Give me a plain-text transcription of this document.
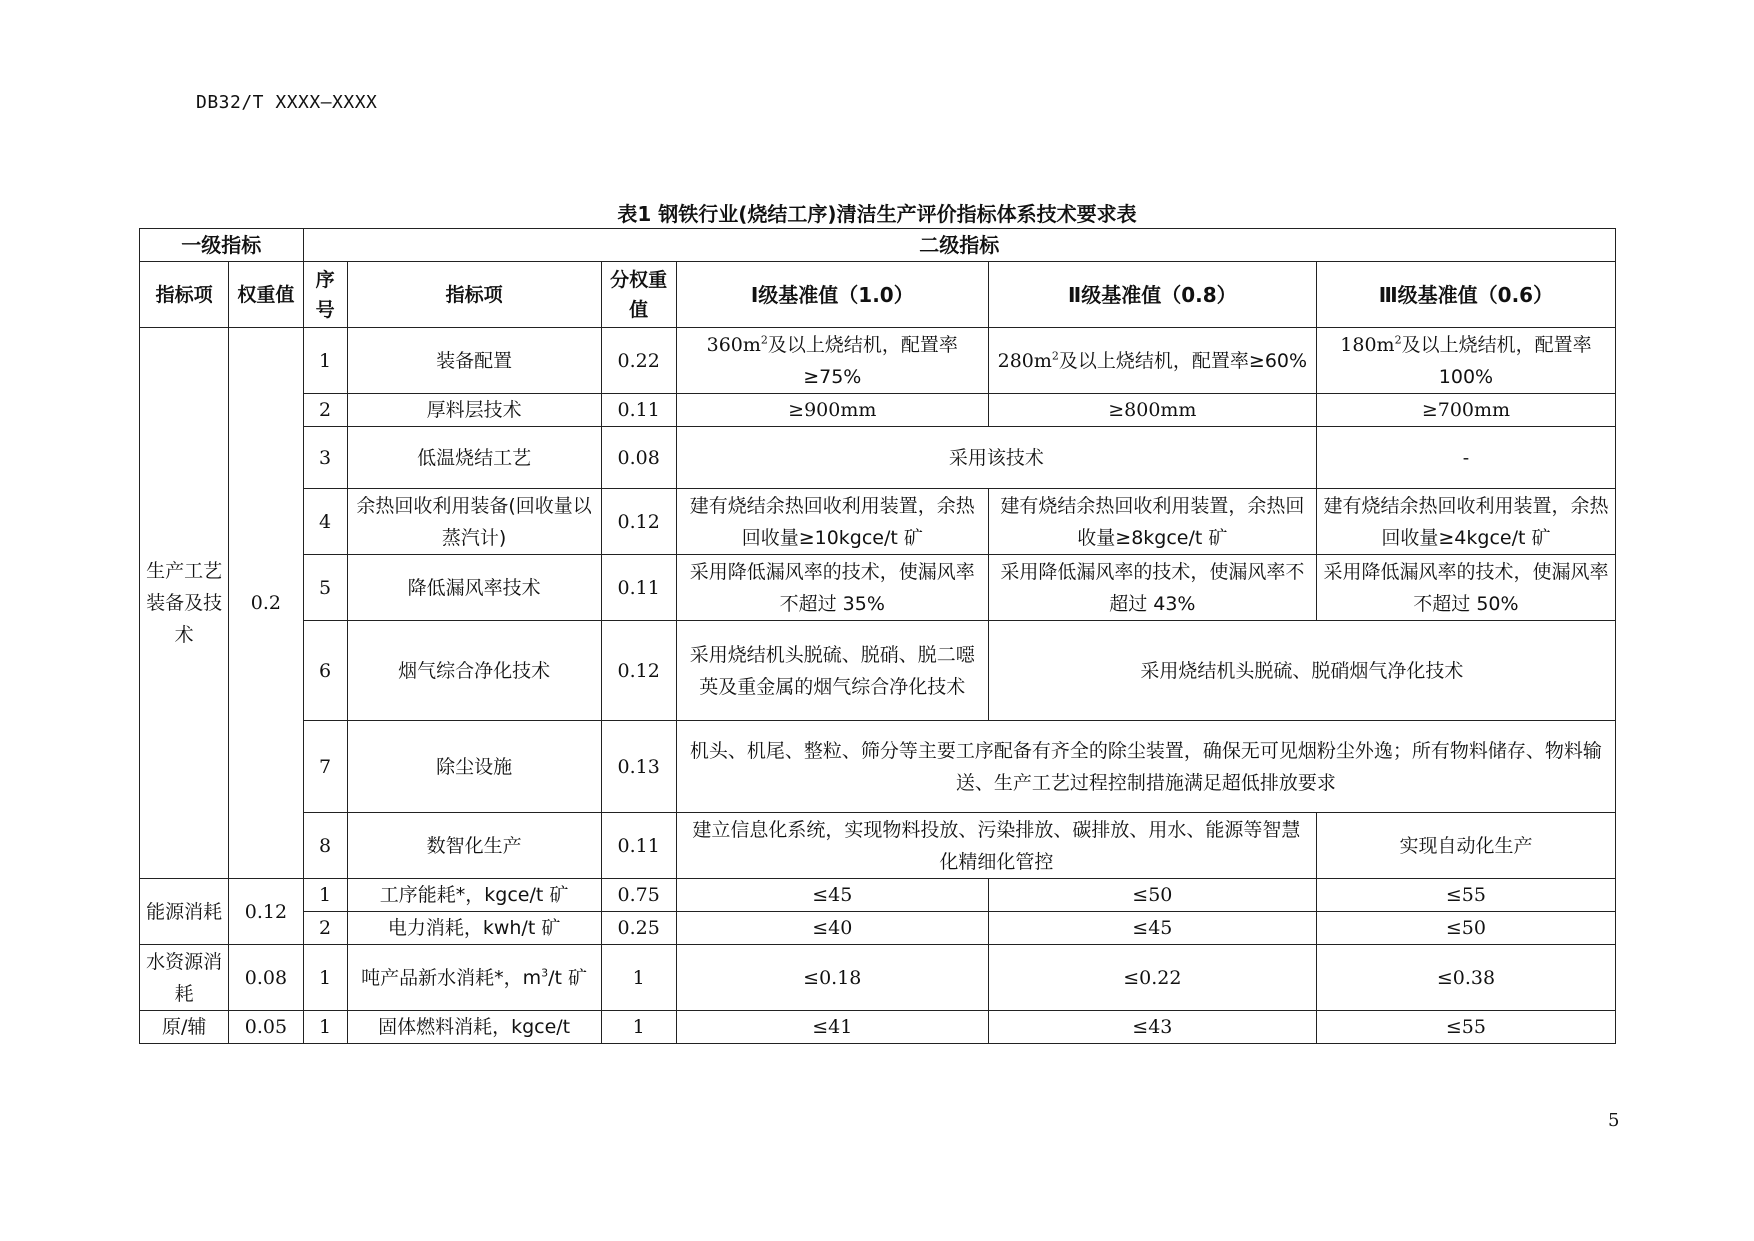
DB32/T XXXX—XXXX
表1 钢铁行业(烧结工序)清洁生产评价指标体系技术要求表
一级指标		二级指标					
指标项	权重值	序号	指标项	分权重值	Ⅰ级基准值（1.0）	Ⅱ级基准值（0.8）	Ⅲ级基准值（0.6）
生产工艺装备及技术	0.2	1	装备配置	0.22	$360m^2$及以上烧结机，配置率≥75%	$280m^2$及以上烧结机，配置率≥60%	$180m^2$及以上烧结机，配置率100%
		2	厚料层技术	0.11	≥900mm	≥800mm	≥700mm
		3	低温烧结工艺	0.08	采用该技术		-
		4	余热回收利用装备(回收量以蒸汽计)	0.12	建有烧结余热回收利用装置，余热回收量≥10kgce/t 矿	建有烧结余热回收利用装置，余热回收量≥8kgce/t 矿	建有烧结余热回收利用装置，余热回收量≥4kgce/t 矿
		5	降低漏风率技术	0.11	采用降低漏风率的技术，使漏风率不超过 35%	采用降低漏风率的技术，使漏风率不超过 43%	采用降低漏风率的技术，使漏风率不超过 50%
		6	烟气综合净化技术	0.12	采用烧结机头脱硫、脱硝、脱二噁英及重金属的烟气综合净化技术	采用烧结机头脱硫、脱硝烟气净化技术	
		7	除尘设施	0.13	机头、机尾、整粒、筛分等主要工序配备有齐全的除尘装置，确保无可见烟粉尘外逸；所有物料储存、物料输送、生产工艺过程控制措施满足超低排放要求		
		8	数智化生产	0.11	建立信息化系统，实现物料投放、污染排放、碳排放、用水、能源等智慧化精细化管控		实现自动化生产
能源消耗	0.12	1	工序能耗*，kgce/t 矿	0.75	≤45	≤50	≤55
		2	电力消耗，kwh/t 矿	0.25	≤40	≤45	≤50
水资源消耗	0.08	1	吨产品新水消耗*，$m^3/t$ 矿	1	≤0.18	≤0.22	≤0.38
原/辅	0.05	1	固体燃料消耗，kgce/t	1	≤41	≤43	≤55
5
